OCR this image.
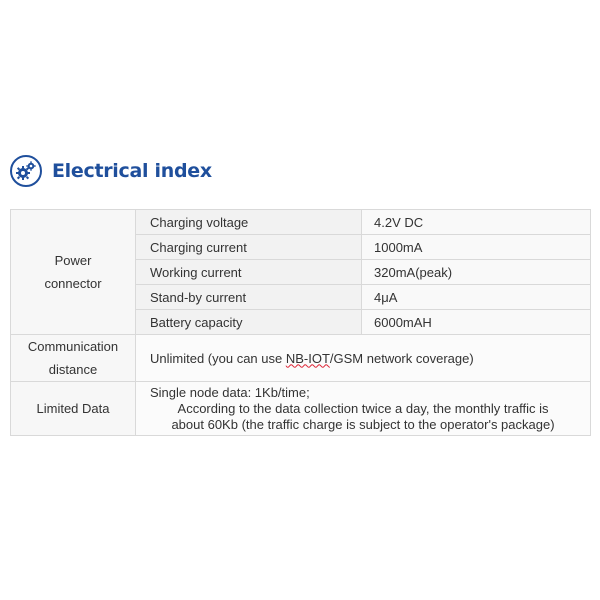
Electrical index
Power
connector	Charging voltage	4.2V DC
	Charging current	1000mA
	Working current	320mA(peak)
	Stand-by current	4μA
	Battery capacity	6000mAH

Communication
distance	Unlimited (you can use NB-IOT/GSM network coverage)	
Limited Data	Single node data: 1Kb/time;
According to the data collection twice a day, the monthly traffic is
about 60Kb (the traffic charge is subject to the operator's package)	
